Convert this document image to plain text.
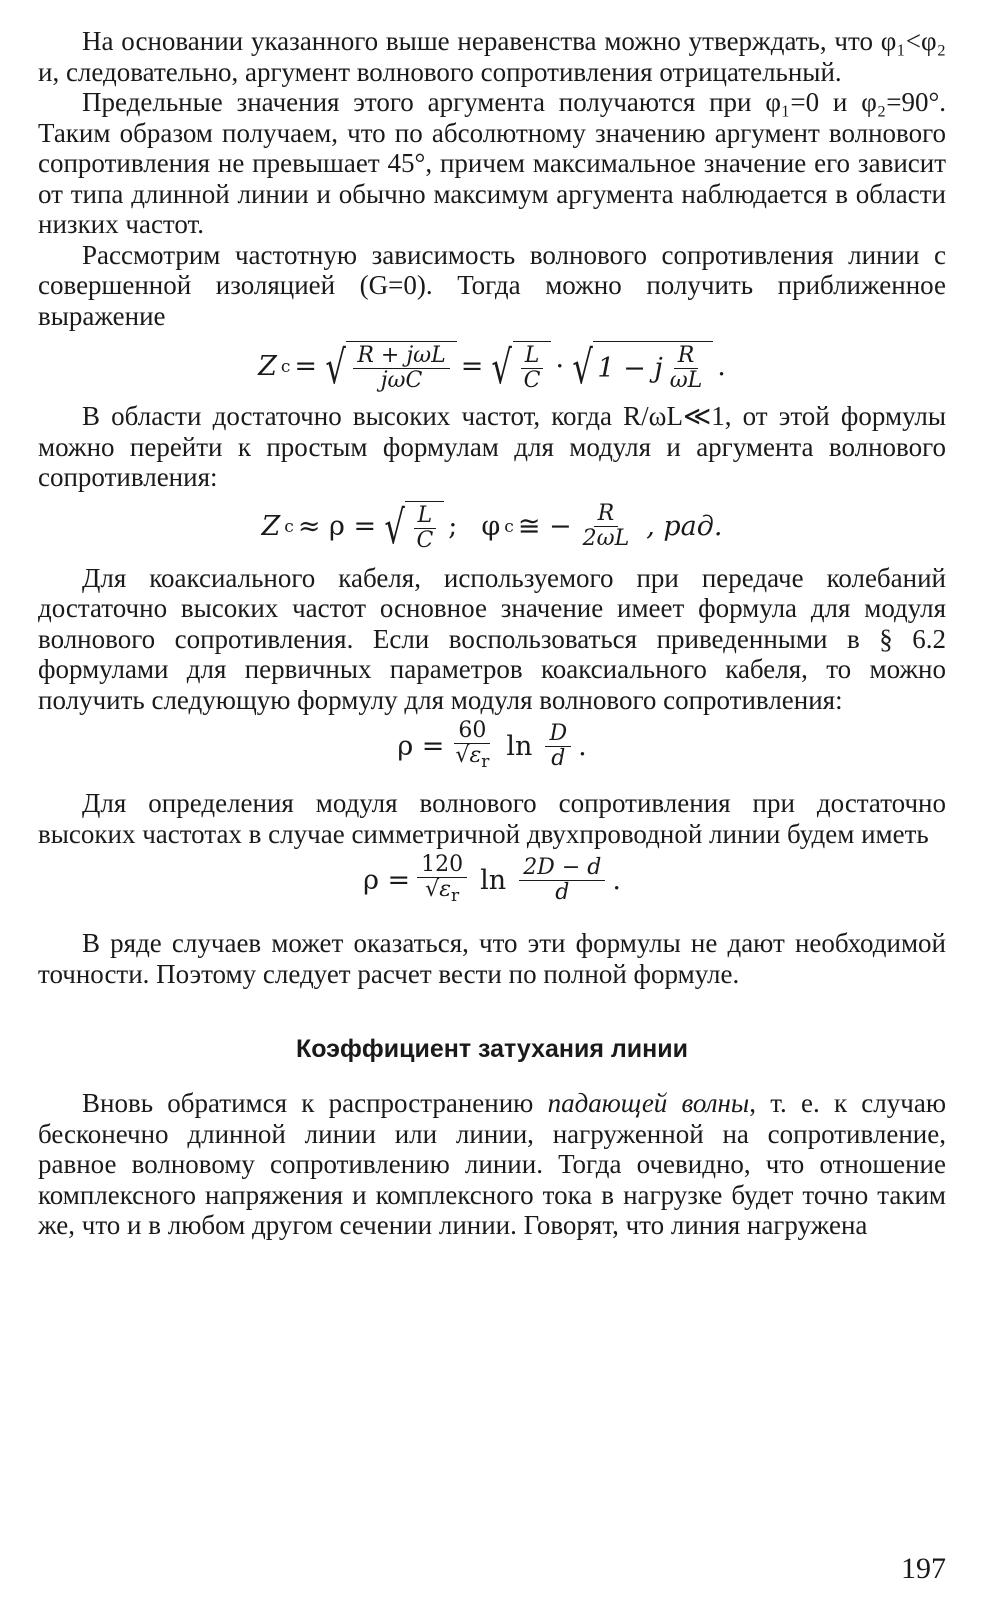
На основании указанного выше неравенства можно утверждать, что φ₁<φ₂ и, следовательно, аргумент волнового сопротивления отрицательный.

Предельные значения этого аргумента получаются при φ₁=0 и φ₂=90°. Таким образом получаем, что по абсолютному значению аргумент волнового сопротивления не превышает 45°, причем максимальное значение его зависит от типа длинной линии и обычно максимум аргумента наблюдается в области низких частот.

Рассмотрим частотную зависимость волнового сопротивления линии с совершенной изоляцией (G=0). Тогда можно получить приближенное выражение

Z c = √ $\frac{\text{R + jωL}}{\text{jωC}}$ = √ $\frac{L}{C}$ · √ 1 − j $\frac{R}{\omega L}$ .

В области достаточно высоких частот, когда R/ωL≪1, от этой формулы можно перейти к простым формулам для модуля и аргумента волнового сопротивления:

Z c ≈ ρ = √ $\frac{L}{C}$ ; φ c ≅ − $\frac{R}{2\omega L}$ , рад.

Для коаксиального кабеля, используемого при передаче колебаний достаточно высоких частот основное значение имеет формула для модуля волнового сопротивления. Если воспользоваться приведенными в § 6.2 формулами для первичных параметров коаксиального кабеля, то можно получить следующую формулу для модуля волнового сопротивления:

$\rho = \frac{60}{√\varepsilon_r}$ $\ln \frac{D}{d}$ .

Для определения модуля волнового сопротивления при достаточно высоких частотах в случае симметричной двухпроводной линии будем иметь

$\rho = \frac{120}{√\varepsilon_r}$ $\ln \frac{2D - d}{d}$ .

В ряде случаев может оказаться, что эти формулы не дают необходимой точности. Поэтому следует расчет вести по полной формуле.

Коэффициент затухания линии

Вновь обратимся к распространению падающей волны, т. е. к случаю бесконечно длинной линии или линии, нагруженной на сопротивление, равное волновому сопротивлению линии. Тогда очевидно, что отношение комплексного напряжения и комплексного тока в нагрузке будет точно таким же, что и в любом другом сечении линии. Говорят, что линия нагружена

197
